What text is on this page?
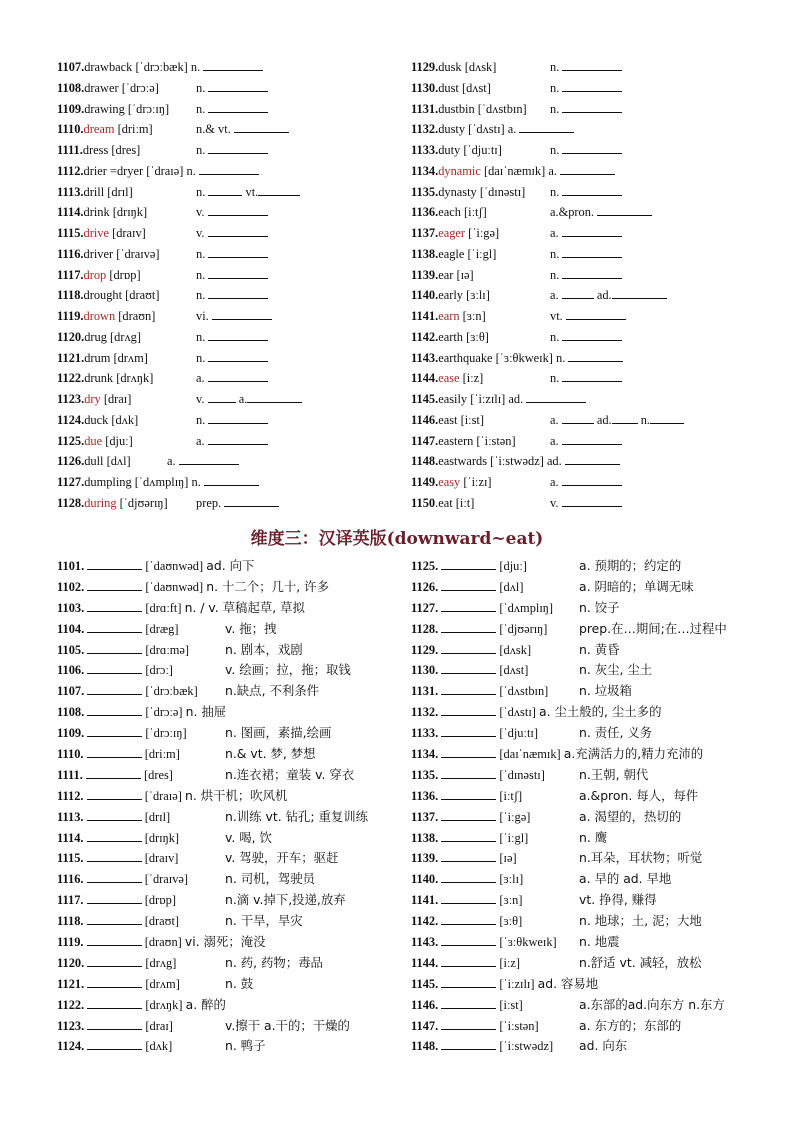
1107.drawback [ˈdrɔːbæk] n.
1108.drawer [ˈdrɔːə]	n.
1109.drawing [ˈdrɔːɪŋ] n.
1110.dream [driːm]	n.& vt.
1111.dress [dres]	n.
1112.drier =dryer [ˈdraɪə] n.
1113.drill [drɪl]	n.	vt.
1114.drink [drɪŋk]	v.
1115.drive [draɪv]	v.
1116.driver [ˈdraɪvə]	n.
1117.drop [drɒp]	n.
1118.drought [draʊt]	n.
1119.drown [draʊn]	vi.
1120.drug [drʌg]	n.
1121.drum [drʌm]	n.
1122.drunk [drʌŋk]	a.
1123.dry [draɪ]	v.	a.
1124.duck [dʌk]	n.
1125.due [djuː]	a.
1126.dull [dʌl]	a.
1127.dumpling [ˈdʌmplɪŋ] n.
1128.during [ˈdjʊərɪŋ] prep.
1129.dusk [dʌsk]	n.
1130.dust [dʌst]	n.
1131.dustbin [ˈdʌstbɪn] n.
1132.dusty [ˈdʌstɪ] a.
1133.duty [ˈdjuːtɪ]	n.
1134.dynamic [daɪˈnæmɪk] a.
1135.dynasty [ˈdɪnəstɪ] n.
1136.each [iːtʃ]	a.&pron.
1137.eager [ˈiːgə]	a.
1138.eagle [ˈiːgl]	n.
1139.ear [ɪə]	n.
1140.early [ɜːlɪ]	a.	ad.
1141.earn [ɜːn]	vt.
1142.earth [ɜːθ]	n.
1143.earthquake [ˈɜːθkweɪk] n.
1144.ease [iːz]	n.
1145.easily [ˈiːzɪlɪ] ad.
1146.east [iːst]	a.	ad. n.
1147.eastern [ˈiːstən]	a.
1148.eastwards [ˈiːstwədz] ad.
1149.easy [ˈiːzɪ]	a.
1150.eat [iːt]	v.
维度三：汉译英版(downward~eat)
1101.	[ˈdaʊnwəd] ad. 向下
1102.	[ˈdaʊnwəd] n. 十二个；几十, 许多
1103.	[drɑːft] n. / v. 草稿起草, 草拟
1104.	[dræg]	v. 拖；拽
1105.	[drɑːmə]	n. 剧本，戏剧
1106.	[drɔː]	v. 绘画；拉，拖；取钱
1107.	[ˈdrɔːbæk] n.缺点, 不利条件
1108.	[ˈdrɔːə] n. 抽屉
1109.	[ˈdrɔːɪŋ]	n. 图画，素描,绘画
1110.	[driːm]	n.& vt. 梦, 梦想
1111.	[dres]	n.连衣裙；童装 v. 穿衣
1112.	[ˈdraɪə] n. 烘干机；吹风机
1113.	[drɪl]	n.训练 vt. 钻孔; 重复训练
1114.	[drɪŋk]	v. 喝, 饮
1115.	[draɪv]	v. 驾驶，开车；驱赶
1116.	[ˈdraɪvə]	n. 司机，驾驶员
1117.	[drɒp]	n.滴 v.掉下,投递,放弃
1118.	[draʊt]	n. 干旱，旱灾
1119.	[draʊn] vi. 溺死；淹没
1120.	[drʌg]	n. 药, 药物；毒品
1121.	[drʌm]	n. 鼓
1122.	[drʌŋk] a. 醉的
1123.	[draɪ]	v.擦干 a.干的；干燥的
1124.	[dʌk]	n. 鸭子
1125.	[djuː]	a. 预期的；约定的
1126.	[dʌl]	a. 阴暗的；单调无味
1127.	[ˈdʌmplɪŋ] n. 饺子
1128.	[ˈdjʊərɪŋ]	prep.在…期间;在…过程中
1129.	[dʌsk]	n. 黄昏
1130.	[dʌst]	n. 灰尘, 尘土
1131.	[ˈdʌstbɪn] n. 垃圾箱
1132.	[ˈdʌstɪ] a. 尘土般的, 尘土多的
1133.	[ˈdjuːtɪ]	n. 责任, 义务
1134.	[daɪˈnæmɪk] a.充满活力的,精力充沛的
1135.	[ˈdɪnəstɪ]	n.王朝, 朝代
1136.	[iːtʃ]	a.&pron. 每人，每件
1137.	[ˈiːgə]	a. 渴望的，热切的
1138.	[ˈiːgl]	n. 鹰
1139.	[ɪə]	n.耳朵，耳状物；听觉
1140.	[ɜːlɪ]	a. 早的 ad. 早地
1141.	[ɜːn]	vt. 挣得, 赚得
1142.	[ɜːθ]	n. 地球；土, 泥；大地
1143.	[ˈɜːθkweɪk] n. 地震
1144.	[iːz]	n.舒适 vt. 减轻，放松
1145.	[ˈiːzɪlɪ] ad. 容易地
1146.	[iːst]	a.东部的ad.向东方 n.东方
1147.	[ˈiːstən]	a. 东方的；东部的
1148.	[ˈiːstwədz] ad. 向东
